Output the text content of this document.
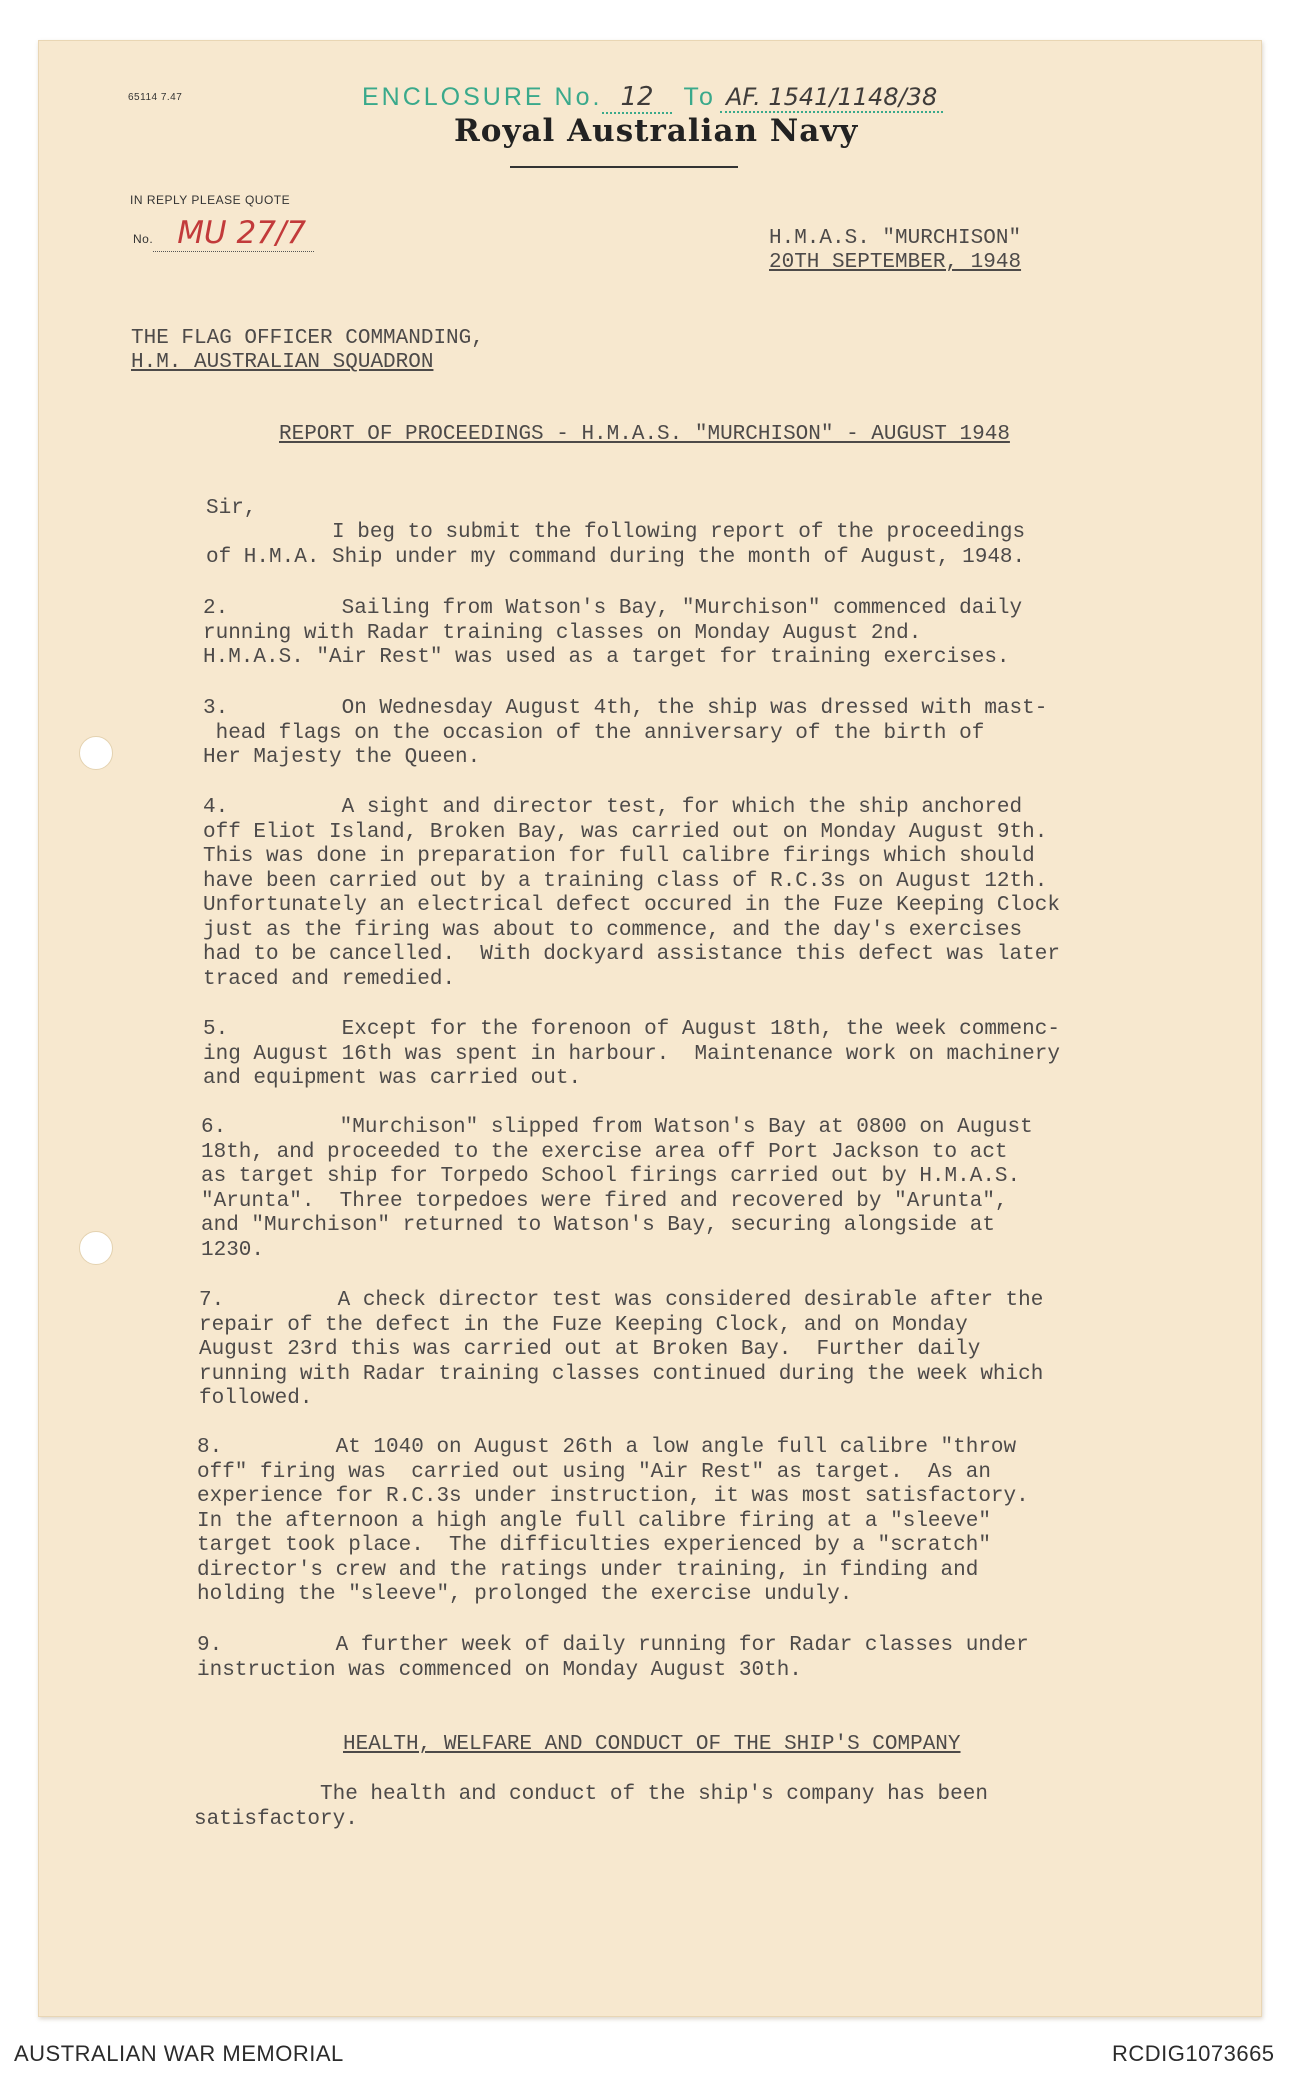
65114 7.47	ENCLOSURE No. 12 To AF. 1541/1148/38
Royal Australian Navy
IN REPLY PLEASE QUOTE
No. MU 27/7	H.M.A.S. "MURCHISON"
20TH SEPTEMBER, 1948
THE FLAG OFFICER COMMANDING,
H.M. AUSTRALIAN SQUADRON
REPORT OF PROCEEDINGS - H.M.A.S. "MURCHISON" - AUGUST 1948
Sir,
I beg to submit the following report of the proceedings
of H.M.A. Ship under my command during the month of August, 1948.
2.         Sailing from Watson's Bay, "Murchison" commenced daily
running with Radar training classes on Monday August 2nd.
H.M.A.S. "Air Rest" was used as a target for training exercises.
3.         On Wednesday August 4th, the ship was dressed with mast-
head flags on the occasion of the anniversary of the birth of
Her Majesty the Queen.
4.         A sight and director test, for which the ship anchored
off Eliot Island, Broken Bay, was carried out on Monday August 9th.
This was done in preparation for full calibre firings which should
have been carried out by a training class of R.C.3s on August 12th.
Unfortunately an electrical defect occured in the Fuze Keeping Clock
just as the firing was about to commence, and the day's exercises
had to be cancelled.  With dockyard assistance this defect was later
traced and remedied.
5.         Except for the forenoon of August 18th, the week commenc-
ing August 16th was spent in harbour.  Maintenance work on machinery
and equipment was carried out.
6.         "Murchison" slipped from Watson's Bay at 0800 on August
18th, and proceeded to the exercise area off Port Jackson to act
as target ship for Torpedo School firings carried out by H.M.A.S.
"Arunta".  Three torpedoes were fired and recovered by "Arunta",
and "Murchison" returned to Watson's Bay, securing alongside at
1230.
7.         A check director test was considered desirable after the
repair of the defect in the Fuze Keeping Clock, and on Monday
August 23rd this was carried out at Broken Bay.  Further daily
running with Radar training classes continued during the week which
followed.
8.         At 1040 on August 26th a low angle full calibre "throw
off" firing was  carried out using "Air Rest" as target.  As an
experience for R.C.3s under instruction, it was most satisfactory.
In the afternoon a high angle full calibre firing at a "sleeve"
target took place.  The difficulties experienced by a "scratch"
director's crew and the ratings under training, in finding and
holding the "sleeve", prolonged the exercise unduly.
9.         A further week of daily running for Radar classes under
instruction was commenced on Monday August 30th.
HEALTH, WELFARE AND CONDUCT OF THE SHIP'S COMPANY
The health and conduct of the ship's company has been
satisfactory.
AUSTRALIAN WAR MEMORIAL	RCDIG1073665
